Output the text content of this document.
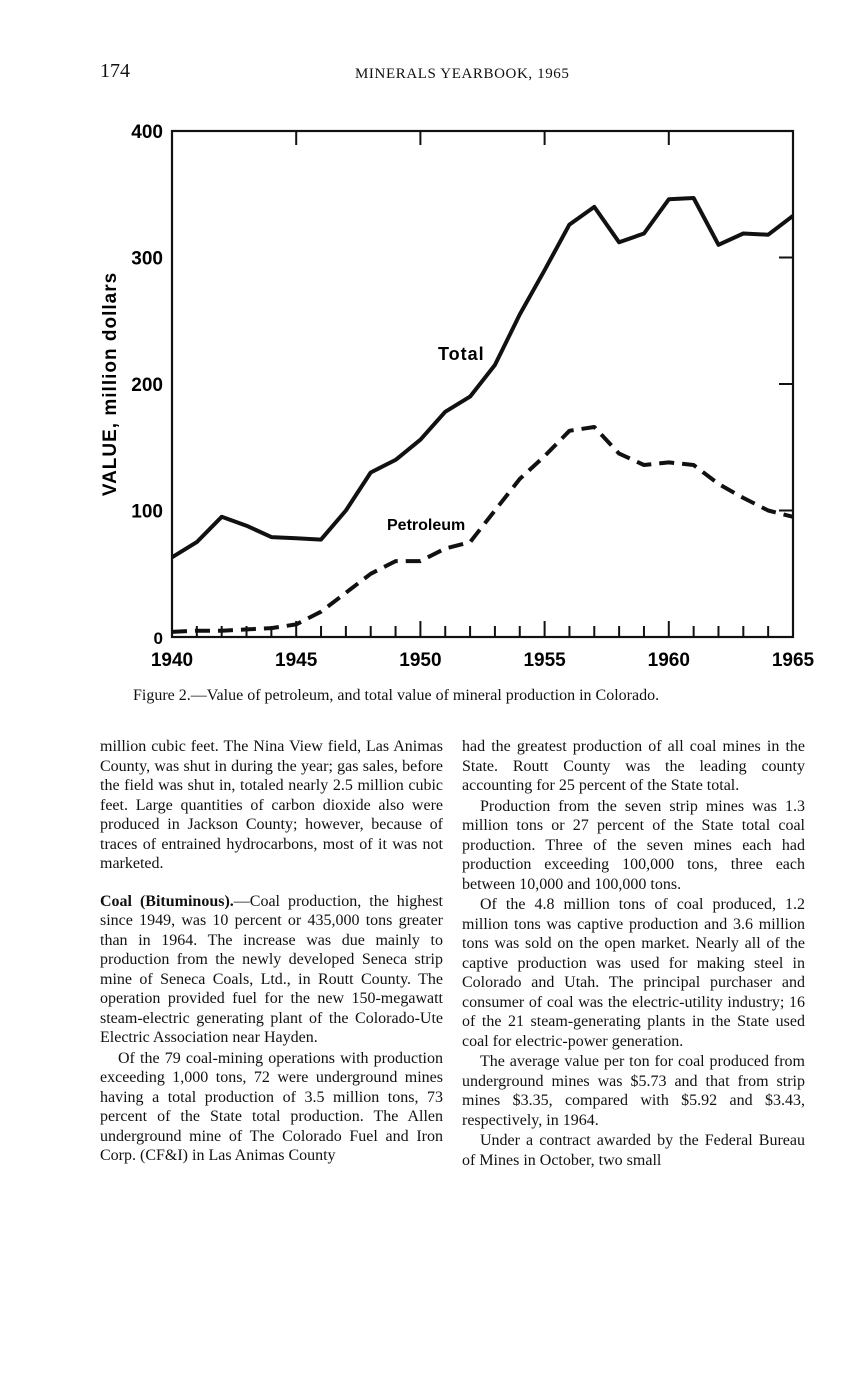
174	MINERALS YEARBOOK, 1965
1940	1945	1950	1955	1960	1965
0
100
200
300
400
VALUE, million dollars	Total
Petroleum
Figure 2.—Value of petroleum, and total value of mineral production in Colorado.

million cubic feet. The Nina View field, Las Animas County, was shut in during the year; gas sales, before the field was shut in, totaled nearly 2.5 million cubic feet. Large quantities of carbon dioxide also were produced in Jackson County; however, because of traces of entrained hydrocarbons, most of it was not marketed.

Coal (Bituminous).—Coal production, the highest since 1949, was 10 percent or 435,000 tons greater than in 1964. The increase was due mainly to production from the newly developed Seneca strip mine of Seneca Coals, Ltd., in Routt County. The operation provided fuel for the new 150-megawatt steam-electric generating plant of the Colorado-Ute Electric Association near Hayden.

Of the 79 coal-mining operations with production exceeding 1,000 tons, 72 were underground mines having a total production of 3.5 million tons, 73 percent of the State total production. The Allen underground mine of The Colorado Fuel and Iron Corp. (CF&I) in Las Animas County

had the greatest production of all coal mines in the State. Routt County was the leading county accounting for 25 percent of the State total.

Production from the seven strip mines was 1.3 million tons or 27 percent of the State total coal production. Three of the seven mines each had production exceeding 100,000 tons, three each between 10,000 and 100,000 tons.

Of the 4.8 million tons of coal produced, 1.2 million tons was captive production and 3.6 million tons was sold on the open market. Nearly all of the captive production was used for making steel in Colorado and Utah. The principal purchaser and consumer of coal was the electric-utility industry; 16 of the 21 steam-generating plants in the State used coal for electric-power generation.

The average value per ton for coal produced from underground mines was $5.73 and that from strip mines $3.35, compared with $5.92 and $3.43, respectively, in 1964.

Under a contract awarded by the Federal Bureau of Mines in October, two small
